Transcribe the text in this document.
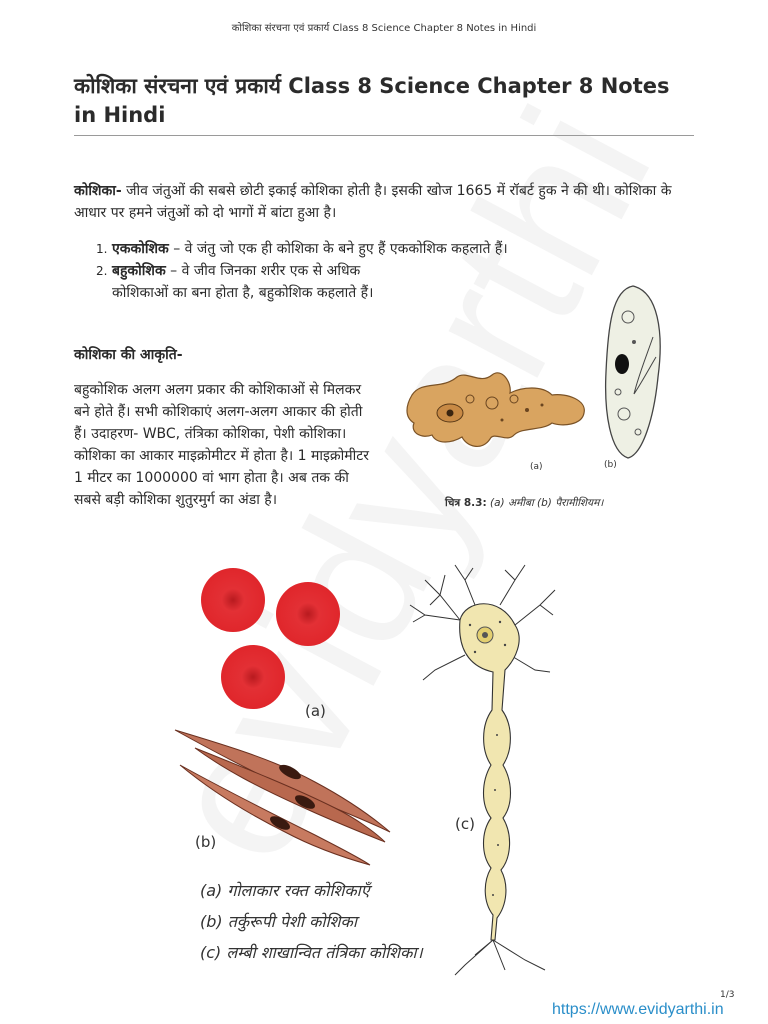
कोशिका संरचना एवं प्रकार्य Class 8 Science Chapter 8 Notes in Hindi
कोशिका संरचना एवं प्रकार्य Class 8 Science Chapter 8 Notes
in Hindi

कोशिका- जीव जंतुओं की सबसे छोटी इकाई कोशिका होती है। इसकी खोज 1665 में रॉबर्ट हुक ने की थी। कोशिका के आधार पर हमने जंतुओं को दो भागों में बांटा हुआ है।

1. एककोशिक – वे जंतु जो एक ही कोशिका के बने हुए हैं एककोशिक कहलाते हैं।
2. बहुकोशिक – वे जीव जिनका शरीर एक से अधिक कोशिकाओं का बना होता है, बहुकोशिक कहलाते हैं।

कोशिका की आकृति-

बहुकोशिक अलग अलग प्रकार की कोशिकाओं से मिलकर बने होते हैं। सभी कोशिकाएं अलग-अलग आकार की होती हैं। उदाहरण- WBC, तंत्रिका कोशिका, पेशी कोशिका। कोशिका का आकार माइक्रोमीटर में होता है। 1 माइक्रोमीटर 1 मीटर का 1000000 वां भाग होता है। अब तक की सबसे बड़ी कोशिका शुतुरमुर्ग का अंडा है।

(a)	(b)
चित्र 8.3: (a) अमीबा (b) पैरामीशियम।
(a)
(b)
(c)
(a) गोलाकार रक्त कोशिकाएँ
(b) तर्कुरूपी पेशी कोशिका
(c) लम्बी शाखान्वित तंत्रिका कोशिका।
1/3
https://www.evidyarthi.in
